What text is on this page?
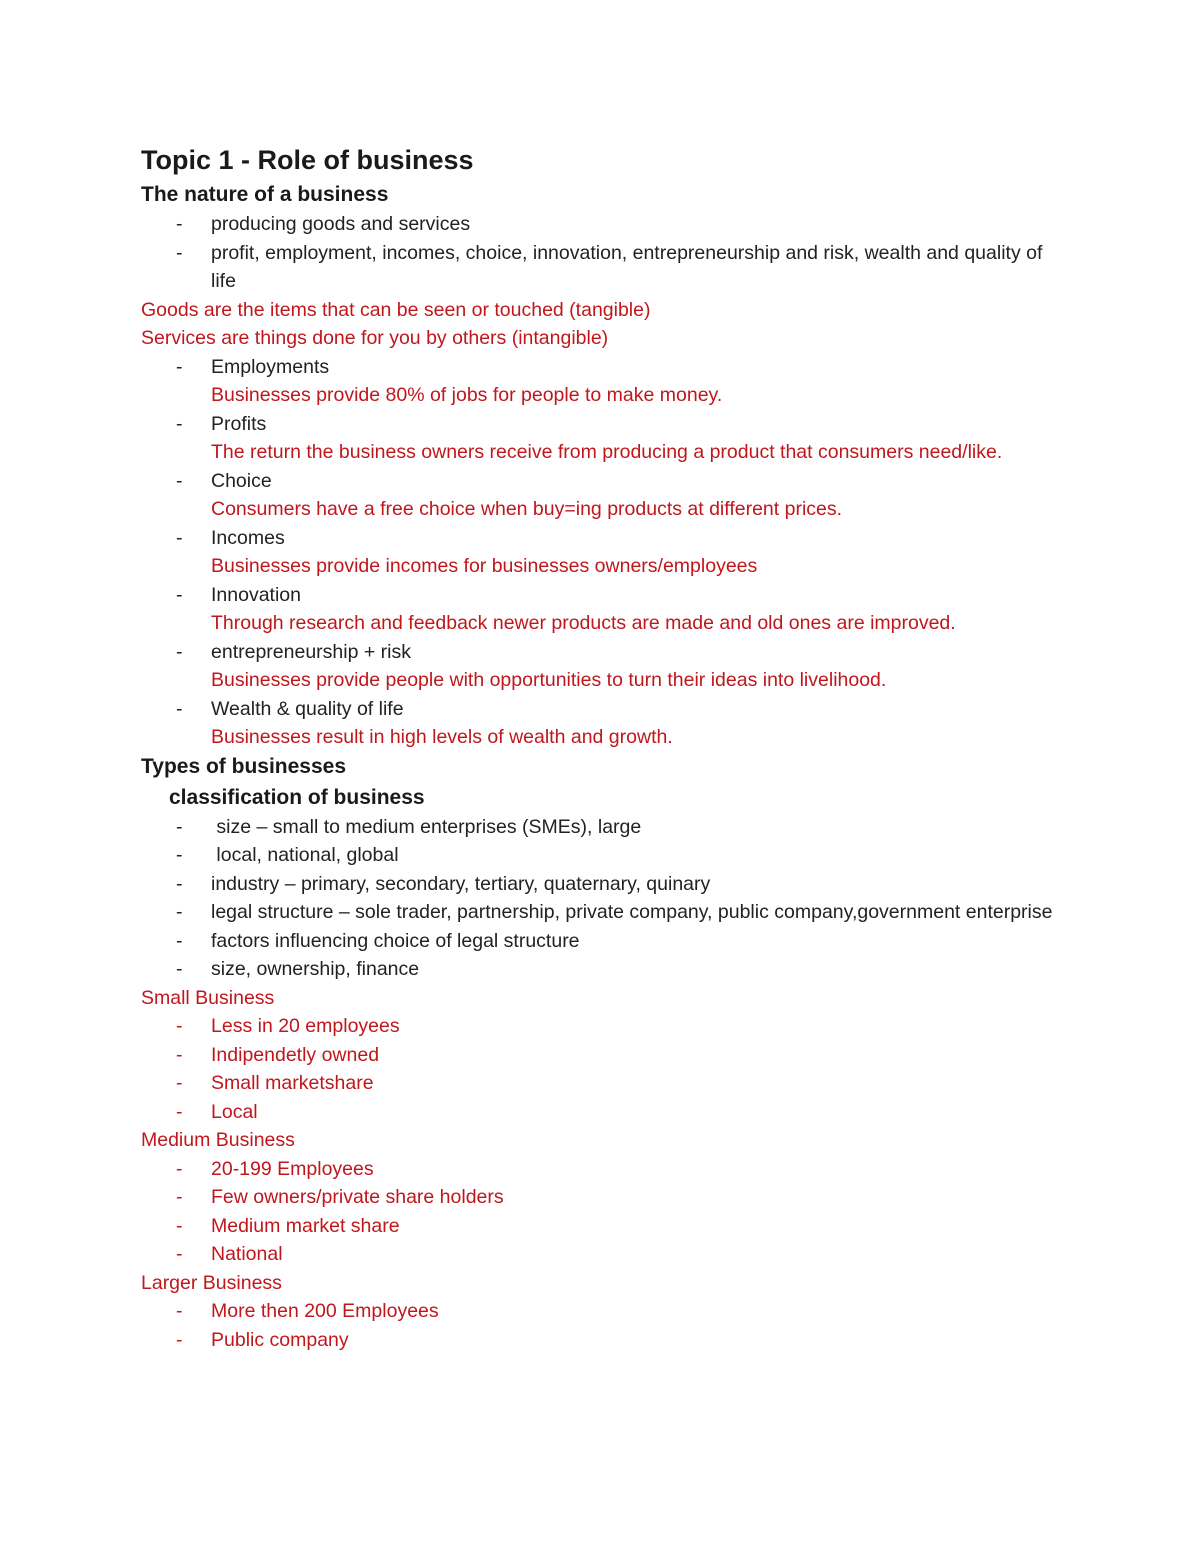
Topic 1 - Role of business
The nature of a business
- producing goods and services
- profit, employment, incomes, choice, innovation, entrepreneurship and risk, wealth and quality of life
Goods are the items that can be seen or touched (tangible)
Services are things done for you by others (intangible)
- Employments
Businesses provide 80% of jobs for people to make money.
- Profits
The return the business owners receive from producing a product that consumers need/like.
- Choice
Consumers have a free choice when buy=ing products at different prices.
- Incomes
Businesses provide incomes for businesses owners/employees
- Innovation
Through research and feedback newer products are made and old ones are improved.
- entrepreneurship + risk
Businesses provide people with opportunities to turn their ideas into livelihood.
- Wealth & quality of life
Businesses result in high levels of wealth and growth.
Types of businesses
classification of business
- size – small to medium enterprises (SMEs), large
- local, national, global
- industry – primary, secondary, tertiary, quaternary, quinary
- legal structure – sole trader, partnership, private company, public company,government enterprise
- factors influencing choice of legal structure
- size, ownership, finance
Small Business
- Less in 20 employees
- Indipendetly owned
- Small marketshare
- Local
Medium Business
- 20-199 Employees
- Few owners/private share holders
- Medium market share
- National
Larger Business
- More then 200 Employees
- Public company
